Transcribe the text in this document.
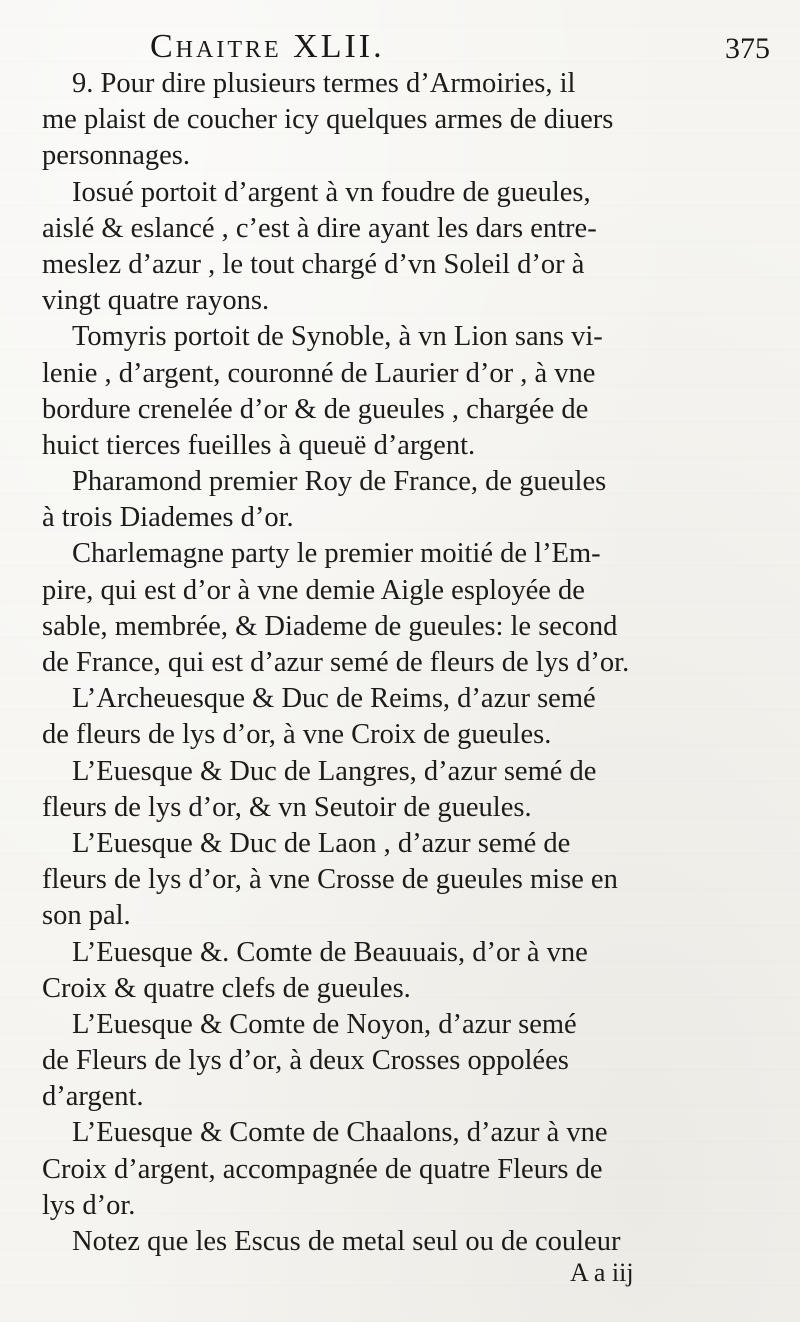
Chaitre XLII.	375
9. Pour dire plusieurs termes d’Armoiries, il
me plaist de coucher icy quelques armes de diuers
personnages.
Iosué portoit d’argent à vn foudre de gueules,
aislé & eslancé , c’est à dire ayant les dars entre-
meslez d’azur , le tout chargé d’vn Soleil d’or à
vingt quatre rayons.
Tomyris portoit de Synoble, à vn Lion sans vi-
lenie , d’argent, couronné de Laurier d’or , à vne
bordure crenelée d’or & de gueules , chargée de
huict tierces fueilles à queuë d’argent.
Pharamond premier Roy de France, de gueules
à trois Diademes d’or.
Charlemagne party le premier moitié de l’Em-
pire, qui est d’or à vne demie Aigle esployée de
sable, membrée, & Diademe de gueules: le second
de France, qui est d’azur semé de fleurs de lys d’or.
L’Archeuesque & Duc de Reims, d’azur semé
de fleurs de lys d’or, à vne Croix de gueules.
L’Euesque & Duc de Langres, d’azur semé de
fleurs de lys d’or, & vn Seutoir de gueules.
L’Euesque & Duc de Laon , d’azur semé de
fleurs de lys d’or, à vne Crosse de gueules mise en
son pal.
L’Euesque &. Comte de Beauuais, d’or à vne
Croix & quatre clefs de gueules.
L’Euesque & Comte de Noyon, d’azur semé
de Fleurs de lys d’or, à deux Crosses oppolées
d’argent.
L’Euesque & Comte de Chaalons, d’azur à vne
Croix d’argent, accompagnée de quatre Fleurs de
lys d’or.
Notez que les Escus de metal seul ou de couleur
A a iij
